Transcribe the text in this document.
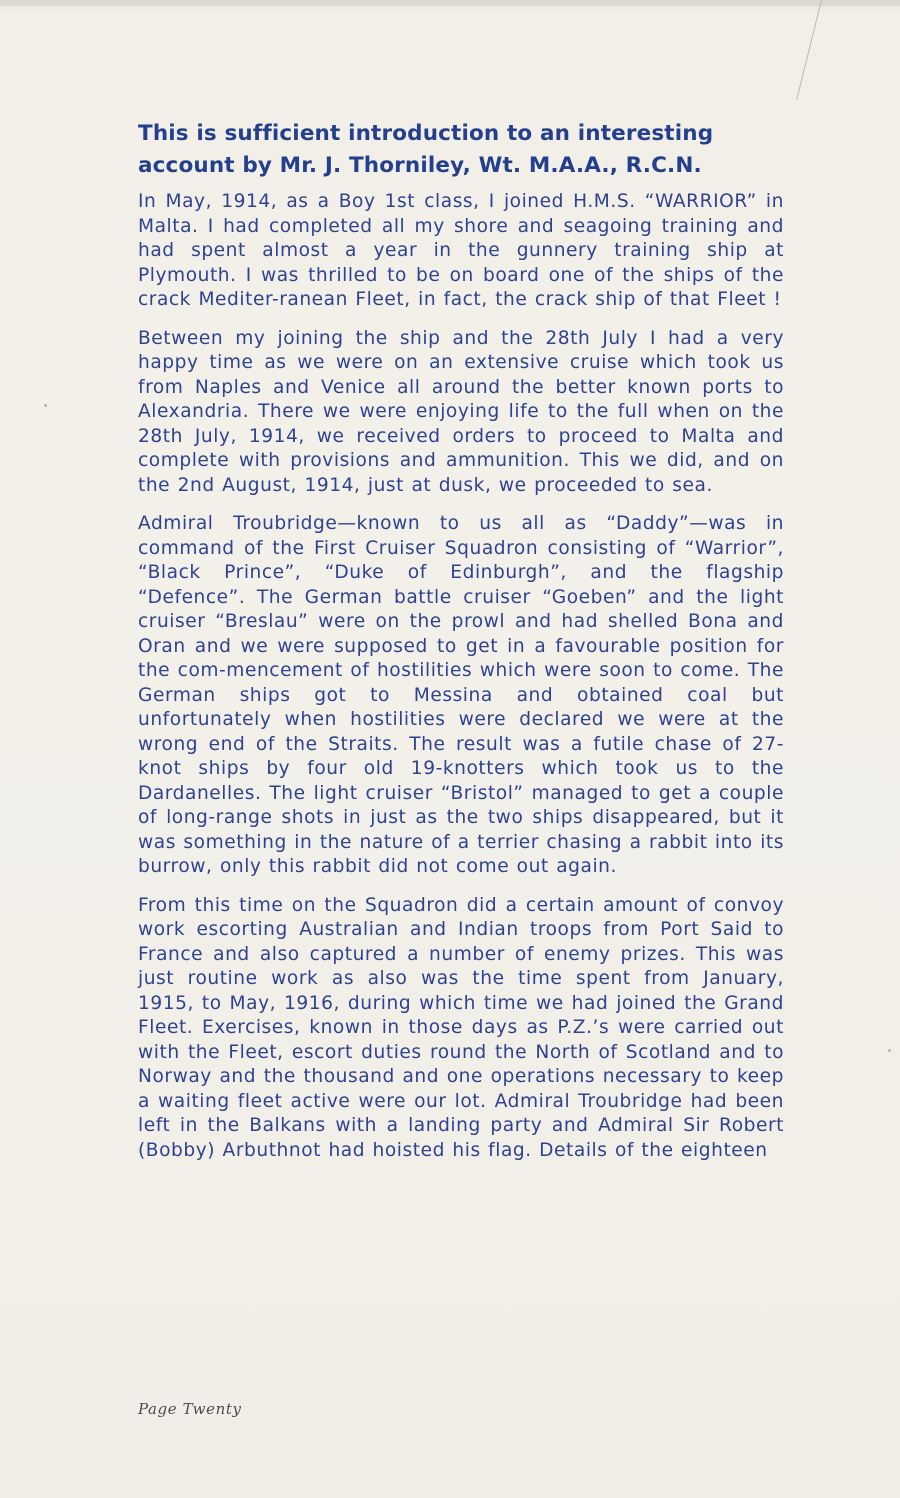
This is sufficient introduction to an interesting account by Mr. J. Thorniley, Wt. M.A.A., R.C.N.

In May, 1914, as a Boy 1st class, I joined H.M.S. “WARRIOR” in Malta. I had completed all my shore and seagoing training and had spent almost a year in the gunnery training ship at Plymouth. I was thrilled to be on board one of the ships of the crack Mediter-ranean Fleet, in fact, the crack ship of that Fleet !

Between my joining the ship and the 28th July I had a very happy time as we were on an extensive cruise which took us from Naples and Venice all around the better known ports to Alexandria. There we were enjoying life to the full when on the 28th July, 1914, we received orders to proceed to Malta and complete with provisions and ammunition. This we did, and on the 2nd August, 1914, just at dusk, we proceeded to sea.

Admiral Troubridge—known to us all as “Daddy”—was in command of the First Cruiser Squadron consisting of “Warrior”, “Black Prince”, “Duke of Edinburgh”, and the flagship “Defence”. The German battle cruiser “Goeben” and the light cruiser “Breslau” were on the prowl and had shelled Bona and Oran and we were supposed to get in a favourable position for the com-mencement of hostilities which were soon to come. The German ships got to Messina and obtained coal but unfortunately when hostilities were declared we were at the wrong end of the Straits. The result was a futile chase of 27-knot ships by four old 19-knotters which took us to the Dardanelles. The light cruiser “Bristol” managed to get a couple of long-range shots in just as the two ships disappeared, but it was something in the nature of a terrier chasing a rabbit into its burrow, only this rabbit did not come out again.

From this time on the Squadron did a certain amount of convoy work escorting Australian and Indian troops from Port Said to France and also captured a number of enemy prizes. This was just routine work as also was the time spent from January, 1915, to May, 1916, during which time we had joined the Grand Fleet. Exercises, known in those days as P.Z.’s were carried out with the Fleet, escort duties round the North of Scotland and to Norway and the thousand and one operations necessary to keep a waiting fleet active were our lot. Admiral Troubridge had been left in the Balkans with a landing party and Admiral Sir Robert (Bobby) Arbuthnot had hoisted his flag. Details of the eighteen

Page Twenty
